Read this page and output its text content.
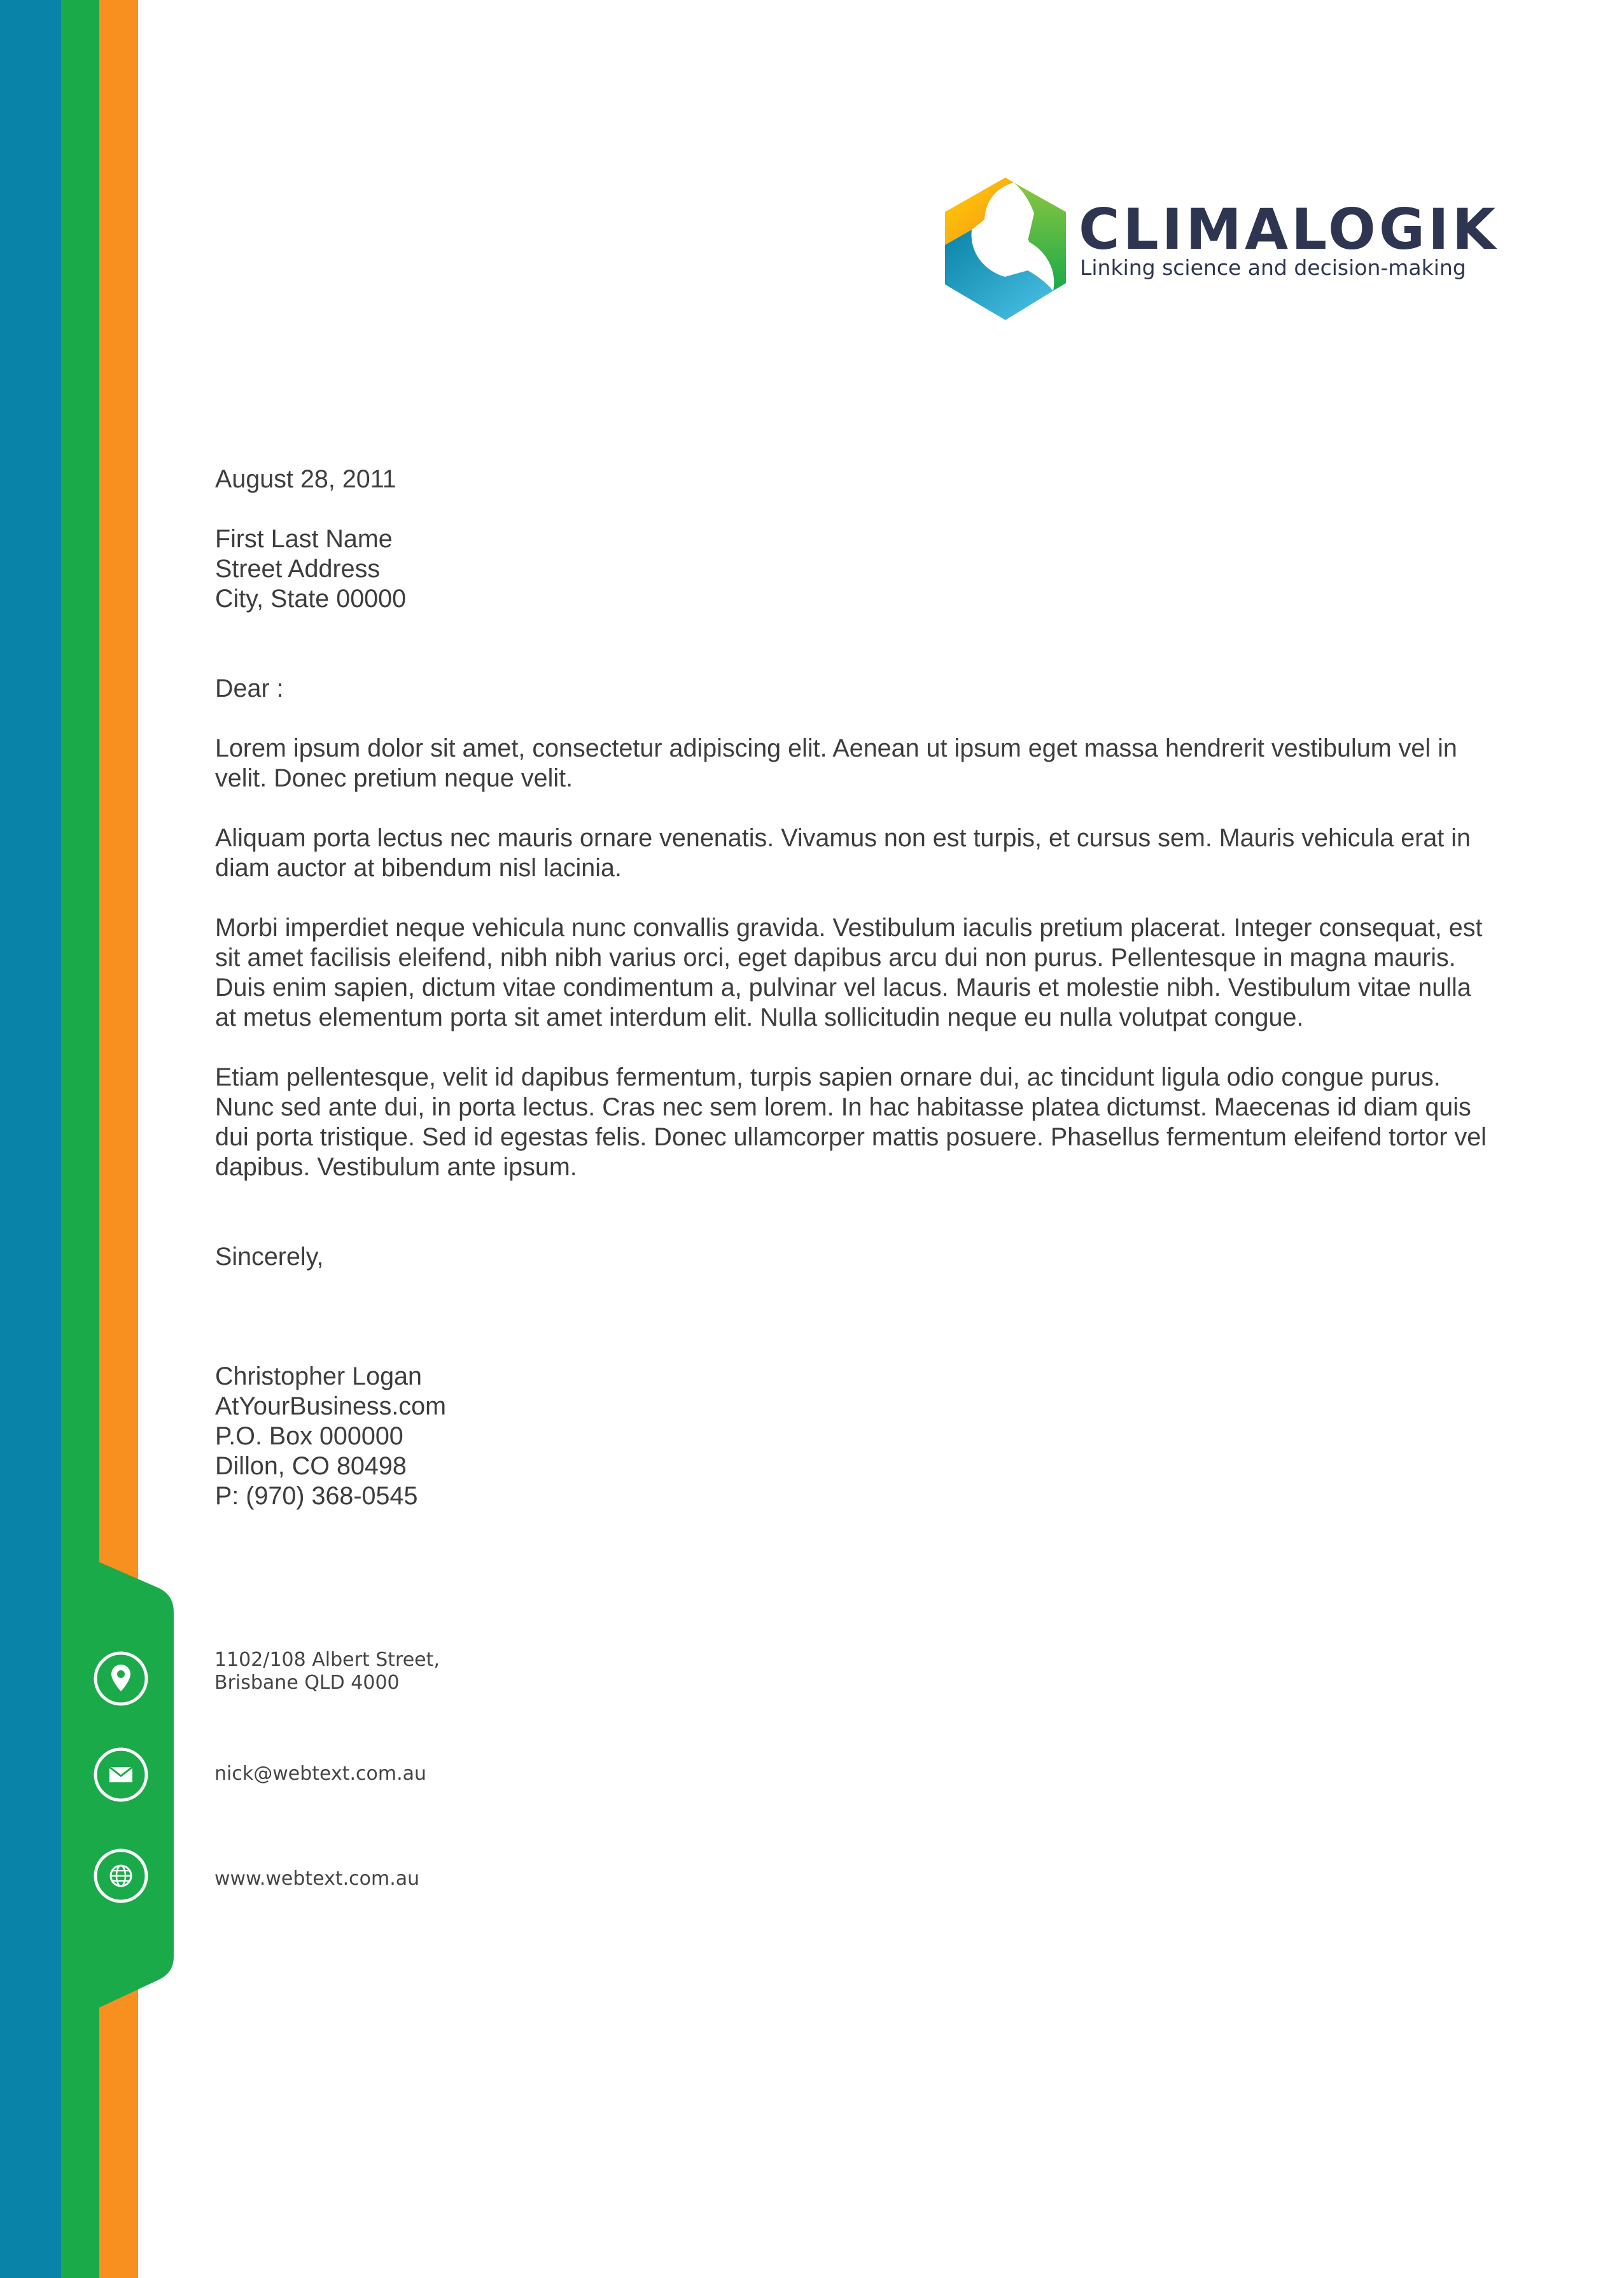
1102/108 Albert Street,
Brisbane QLD 4000
nick@webtext.com.au
www.webtext.com.au
CLIMALOGIK
Linking science and decision-making
August 28, 2011
First Last Name
Street Address
City, State 00000
Dear :

Lorem ipsum dolor sit amet, consectetur adipiscing elit. Aenean ut ipsum eget massa hendrerit vestibulum vel in velit. Donec pretium neque velit.

Aliquam porta lectus nec mauris ornare venenatis. Vivamus non est turpis, et cursus sem. Mauris vehicula erat in diam auctor at bibendum nisl lacinia.

Morbi imperdiet neque vehicula nunc convallis gravida. Vestibulum iaculis pretium placerat. Integer consequat, est sit amet facilisis eleifend, nibh nibh varius orci, eget dapibus arcu dui non purus. Pellentesque in magna mauris. Duis enim sapien, dictum vitae condimentum a, pulvinar vel lacus. Mauris et molestie nibh. Vestibulum vitae nulla at metus elementum porta sit amet interdum elit. Nulla sollicitudin neque eu nulla volutpat congue.

Etiam pellentesque, velit id dapibus fermentum, turpis sapien ornare dui, ac tincidunt ligula odio congue purus. Nunc sed ante dui, in porta lectus. Cras nec sem lorem. In hac habitasse platea dictumst. Maecenas id diam quis dui porta tristique. Sed id egestas felis. Donec ullamcorper mattis posuere. Phasellus fermentum eleifend tortor vel dapibus. Vestibulum ante ipsum.

Sincerely,
Christopher Logan
AtYourBusiness.com
P.O. Box 000000
Dillon, CO 80498
P: (970) 368-0545
